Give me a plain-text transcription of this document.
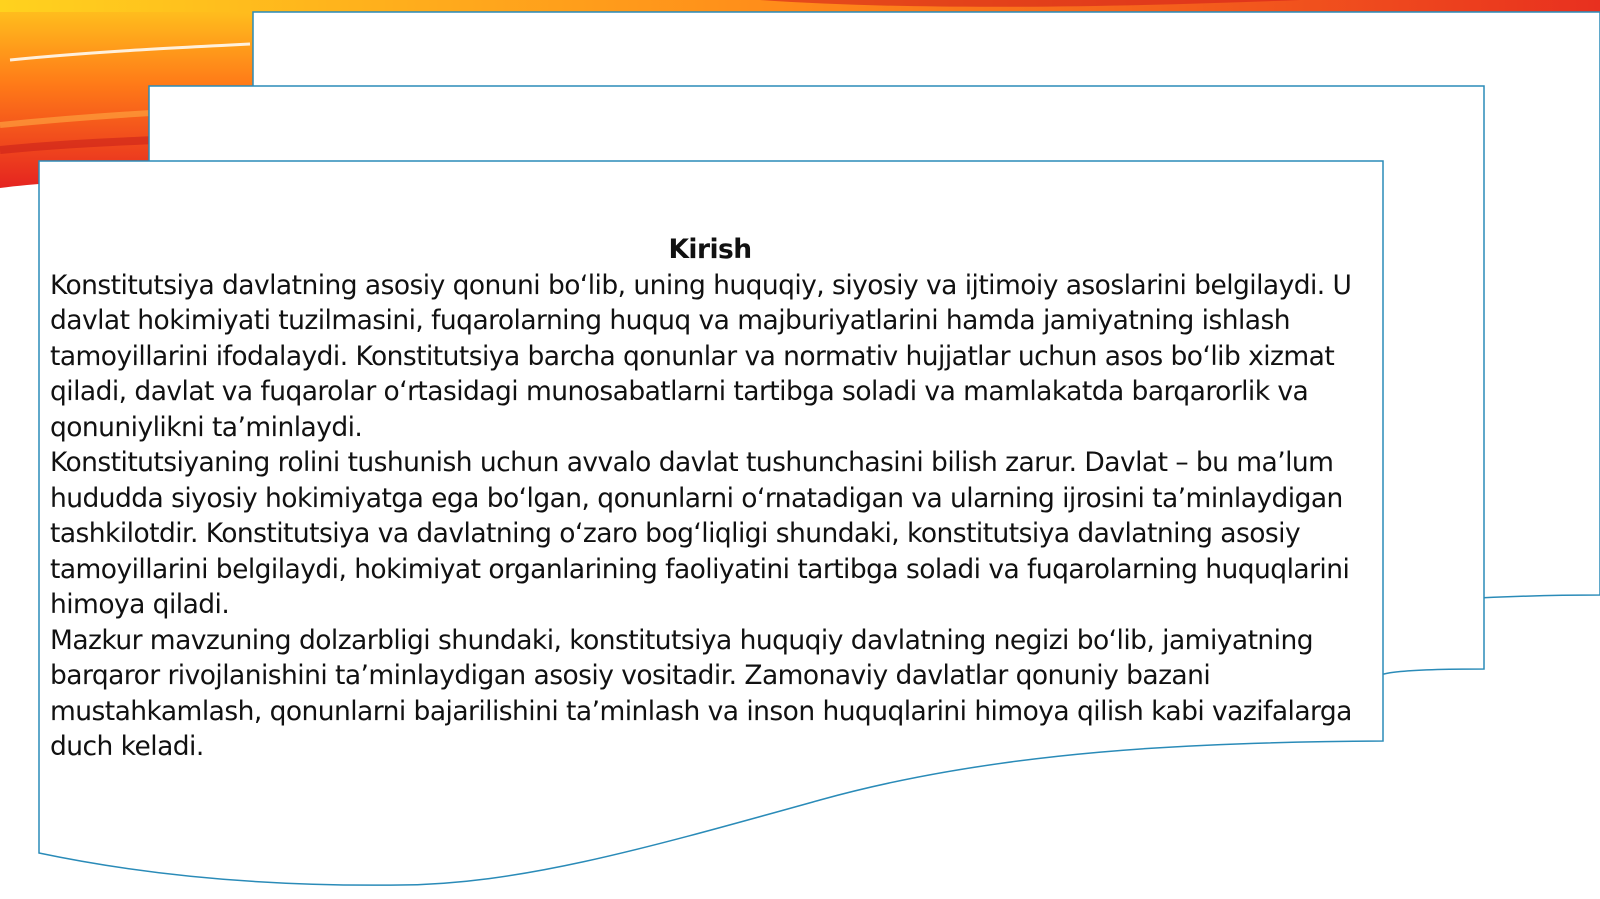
Kirish

Konstitutsiya davlatning asosiy qonuni bo‘lib, uning huquqiy, siyosiy va ijtimoiy asoslarini belgilaydi. U davlat hokimiyati tuzilmasini, fuqarolarning huquq va majburiyatlarini hamda jamiyatning ishlash tamoyillarini ifodalaydi. Konstitutsiya barcha qonunlar va normativ hujjatlar uchun asos bo‘lib xizmat qiladi, davlat va fuqarolar o‘rtasidagi munosabatlarni tartibga soladi va mamlakatda barqarorlik va qonuniylikni ta’minlaydi.

Konstitutsiyaning rolini tushunish uchun avvalo davlat tushunchasini bilish zarur. Davlat – bu ma’lum hududda siyosiy hokimiyatga ega bo‘lgan, qonunlarni o‘rnatadigan va ularning ijrosini ta’minlaydigan tashkilotdir. Konstitutsiya va davlatning o‘zaro bog‘liqligi shundaki, konstitutsiya davlatning asosiy tamoyillarini belgilaydi, hokimiyat organlarining faoliyatini tartibga soladi va fuqarolarning huquqlarini himoya qiladi.

Mazkur mavzuning dolzarbligi shundaki, konstitutsiya huquqiy davlatning negizi bo‘lib, jamiyatning barqaror rivojlanishini ta’minlaydigan asosiy vositadir. Zamonaviy davlatlar qonuniy bazani mustahkamlash, qonunlarni bajarilishini ta’minlash va inson huquqlarini himoya qilish kabi vazifalarga duch keladi.
